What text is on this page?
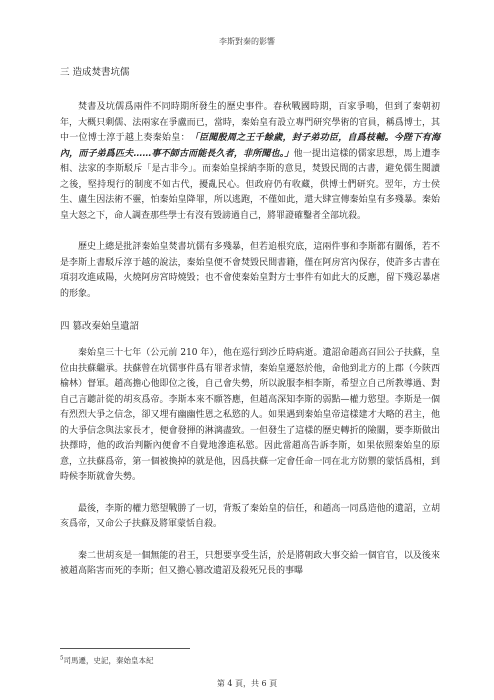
李斯對秦的影響
三 造成焚書坑儒

焚書及坑儒爲兩件不同時期所發生的歷史事件。春秋戰國時期，百家爭鳴，但到了秦朝初年，大概只剩儒、法兩家在爭盧而已，當時，秦始皇有設立專門研究學術的官員，稱爲博士，其中一位博士淳于越上奏秦始皇：「臣聞殷周之王千餘歲，封子弟功臣，自爲枝輔。今陛下有海內，而子弟爲匹夫……事不師古而能長久者，非所聞也。」他一提出這樣的儒家思想，馬上遭李相、法家的李斯駁斥「是古非今」。而秦始皇採納李斯的意見，焚毀民間的古書，避免儒生閱讀之後，堅持現行的制度不如古代，擾亂民心。但政府仍有收藏，供博士們研究。翌年，方士侯生、盧生因法術不靈，怕秦始皇降罪，所以逃跑，不僅如此，還大肆宣傳秦始皇有多殘暴。秦始皇大怒之下，命人調查那些學士有沒有毀謗過自己，將罪證確鑿者全部坑殺。

歷史上總是批評秦始皇焚書坑儒有多殘暴，但若追根究底，這兩件事和李斯都有關係，若不是李斯上書駁斥淳于越的說法，秦始皇便不會焚毀民間書籍，僅在阿房宮內保存，使許多古書在項羽攻進咸陽，火燒阿房宮時燒毀；也不會使秦始皇對方士事件有如此大的反應，留下殘忍暴虐的形象。

四 篡改秦始皇遺詔

秦始皇三十七年（公元前 210 年），他在巡行到沙丘時病逝。遺詔命趙高召回公子扶蘇，皇位由扶蘇繼承。扶蘇曾在坑儒事件爲有罪者求情，秦始皇遷怒於他，命他到北方的上郡（今陝西榆林）督軍。趙高擔心他即位之後，自己會失勢，所以說服李相李斯，希望立自己所教導過、對自己言聽計從的胡亥爲帝。李斯本來不願答應，但趙高深知李斯的弱點—權力慾望。李斯是一個有烈烈大爭之信念，卻又埋有幽幽性恩之私慾的人。如果遇到秦始皇帝這樣建才大略的君主，他的大爭信念與法家長才，便會發揮的淋漓盡致。一但發生了這樣的歷史轉折的險關，要李斯做出抉擇時，他的政治判斷內便會不自覺地滲進私慾。因此當趙高告訴李斯，如果依照秦始皇的原意，立扶蘇爲帝，第一個被換掉的就是他，因爲扶蘇一定會任命一同在北方防禦的蒙恬爲相，到時候李斯就會失勢。

最後，李斯的權力慾望戰勝了一切，背叛了秦始皇的信任，和趙高一同爲造他的遺詔，立胡亥爲帝，又命公子扶蘇及將軍蒙恬自殺。

秦二世胡亥是一個無能的君王，只想要享受生活，於是將朝政大事交給一個官官，以及後來被趙高陷害而死的李斯；但又擔心篡改遺詔及殺死兄長的事曝

$^5$司馬遷，史記，秦始皇本紀
第 4 頁，共 6 頁
